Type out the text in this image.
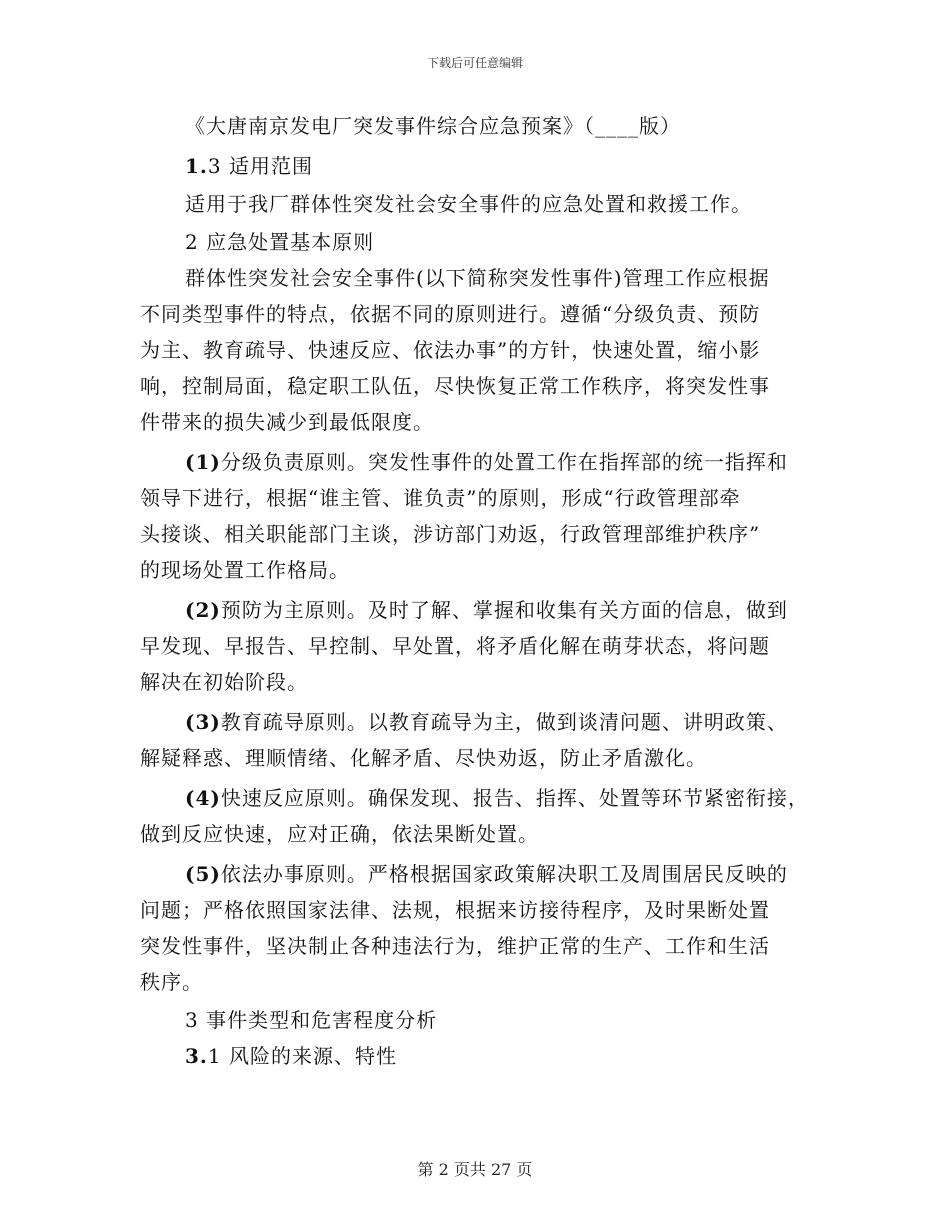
下载后可任意编辑
《大唐南京发电厂突发事件综合应急预案》（____版）
1.3 适用范围
适用于我厂群体性突发社会安全事件的应急处置和救援工作。
2 应急处置基本原则
群体性突发社会安全事件(以下简称突发性事件)管理工作应根据
不同类型事件的特点，依据不同的原则进行。遵循“分级负责、预防
为主、教育疏导、快速反应、依法办事”的方针，快速处置，缩小影
响，控制局面，稳定职工队伍，尽快恢复正常工作秩序，将突发性事
件带来的损失减少到最低限度。
(1)分级负责原则。突发性事件的处置工作在指挥部的统一指挥和
领导下进行，根据“谁主管、谁负责”的原则，形成“行政管理部牵
头接谈、相关职能部门主谈，涉访部门劝返，行政管理部维护秩序”
的现场处置工作格局。
(2)预防为主原则。及时了解、掌握和收集有关方面的信息，做到
早发现、早报告、早控制、早处置，将矛盾化解在萌芽状态，将问题
解决在初始阶段。
(3)教育疏导原则。以教育疏导为主，做到谈清问题、讲明政策、
解疑释惑、理顺情绪、化解矛盾、尽快劝返，防止矛盾激化。
(4)快速反应原则。确保发现、报告、指挥、处置等环节紧密衔接，
做到反应快速，应对正确，依法果断处置。
(5)依法办事原则。严格根据国家政策解决职工及周围居民反映的
问题；严格依照国家法律、法规，根据来访接待程序，及时果断处置
突发性事件，坚决制止各种违法行为，维护正常的生产、工作和生活
秩序。
3 事件类型和危害程度分析
3.1 风险的来源、特性
第 2 页共 27 页
